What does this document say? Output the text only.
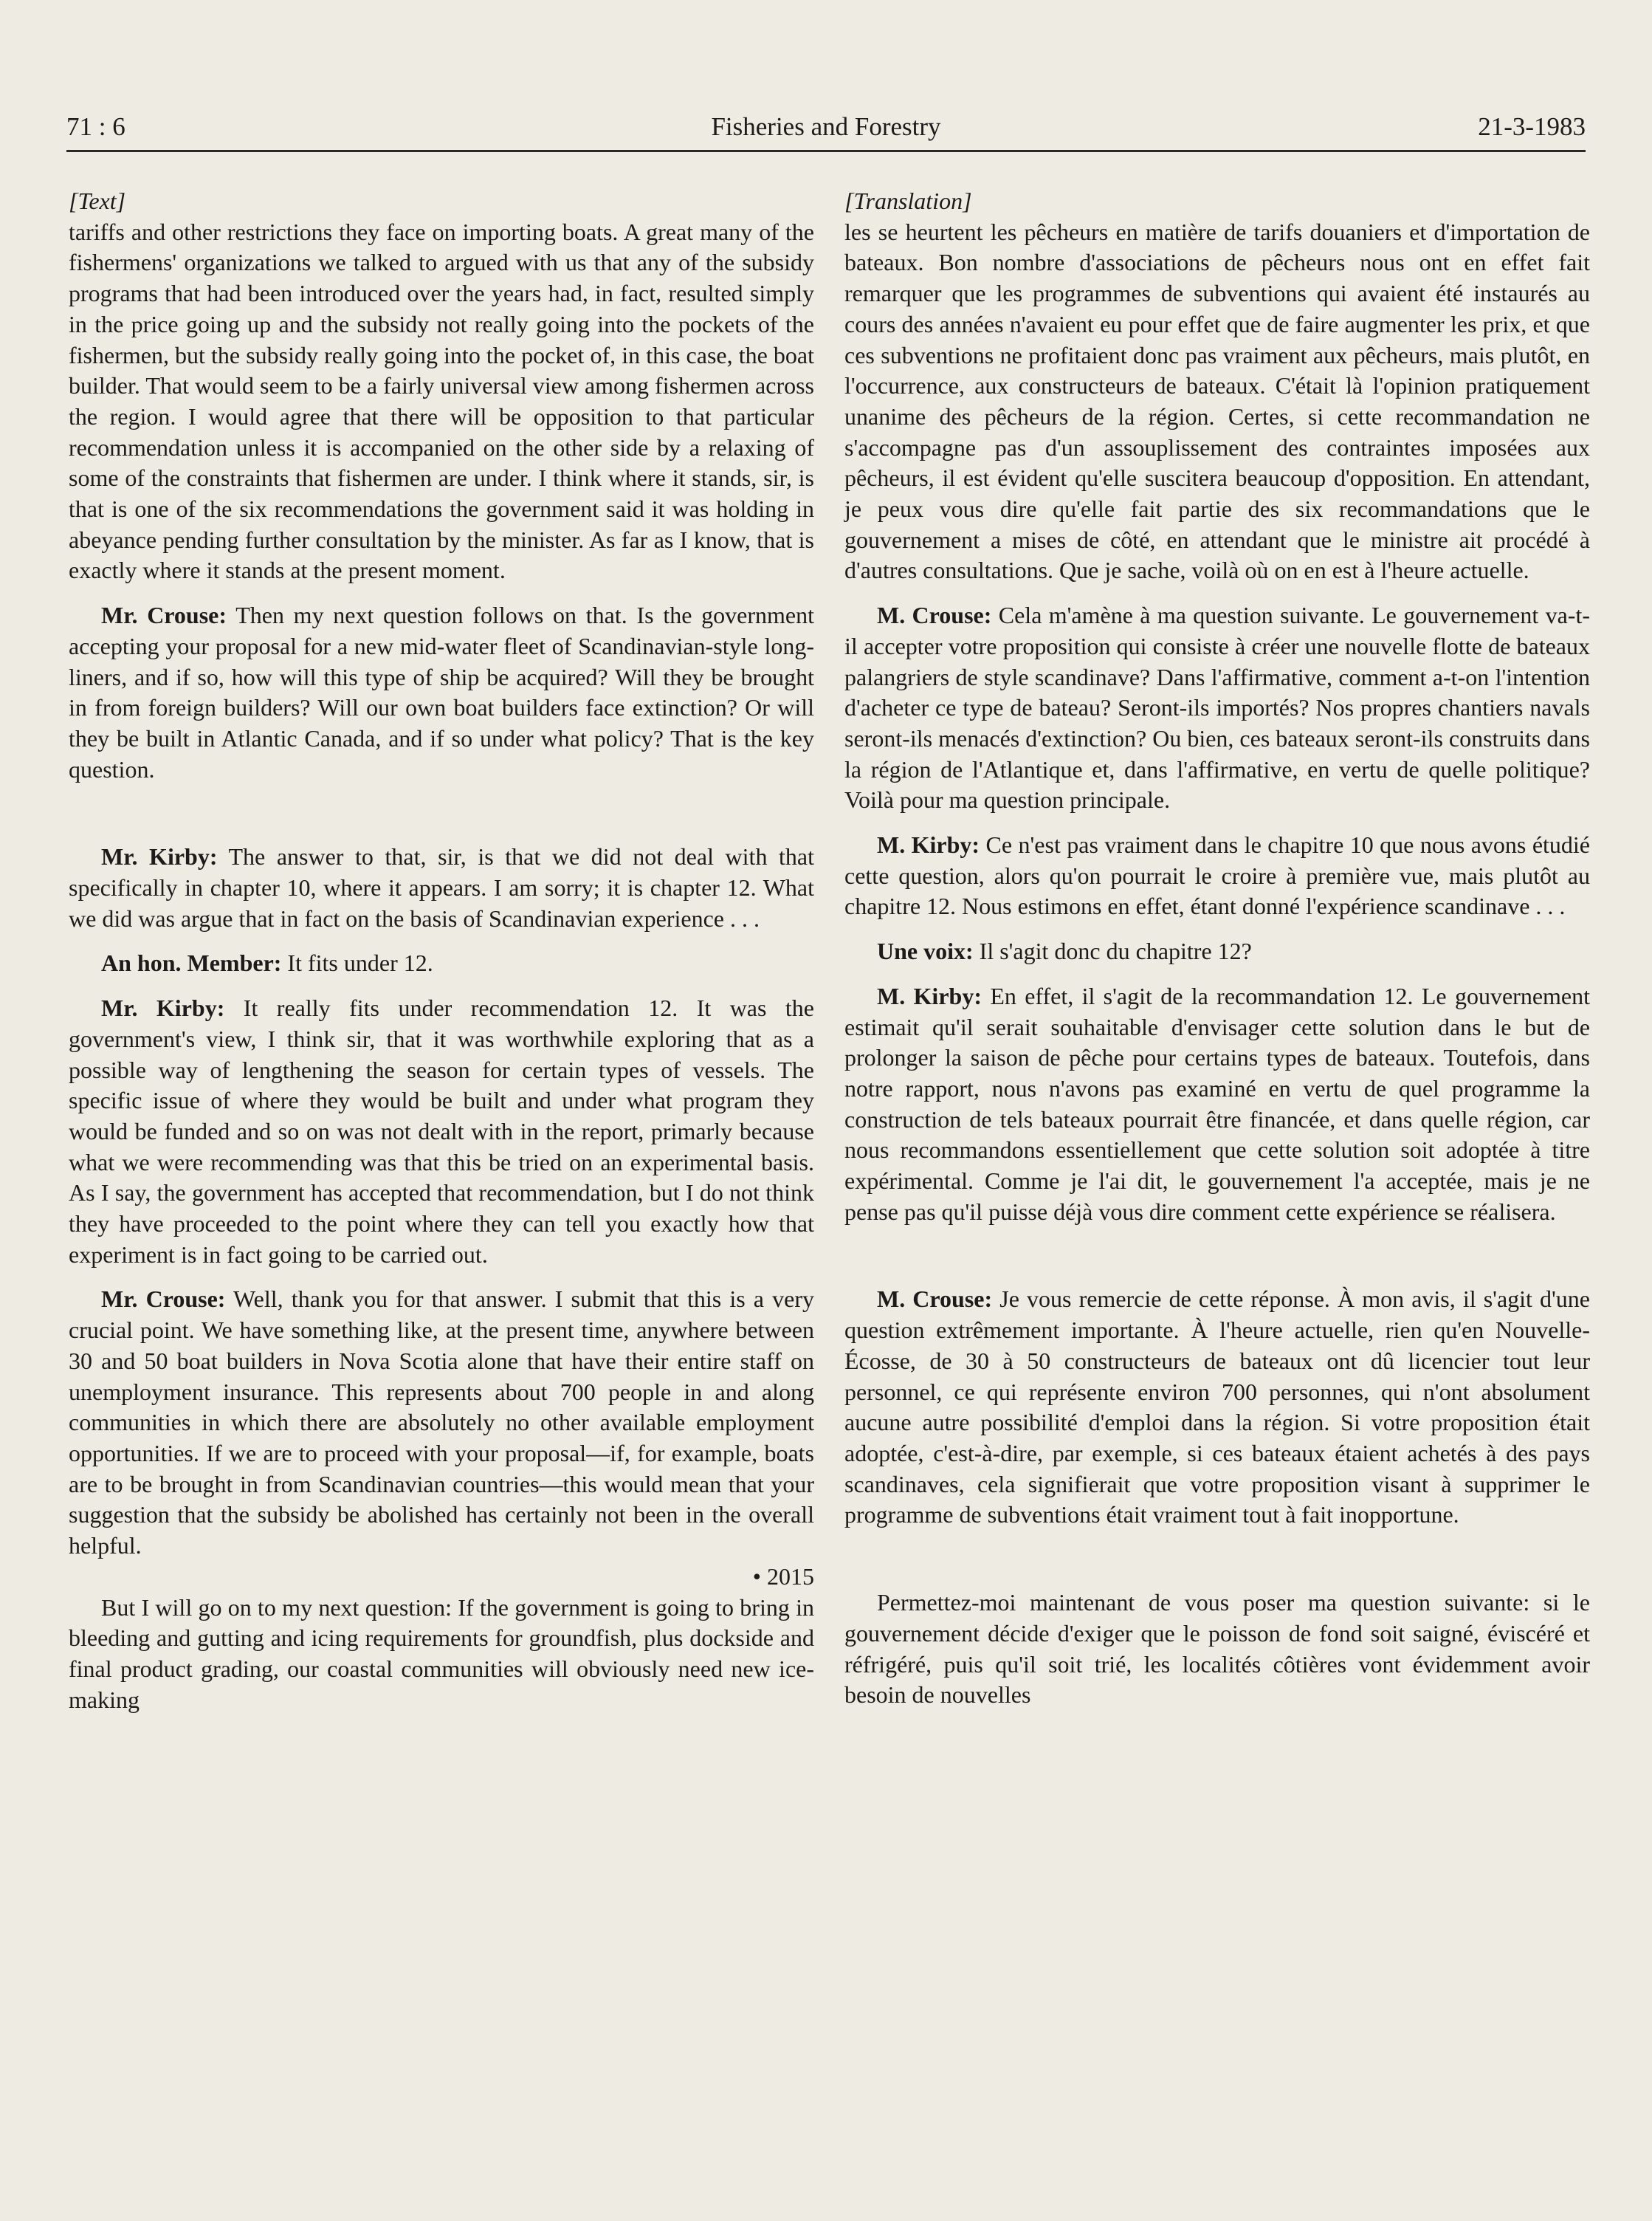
71 : 6	Fisheries and Forestry	21-3-1983

[Text]

tariffs and other restrictions they face on importing boats. A great many of the fishermens' organizations we talked to argued with us that any of the subsidy programs that had been introduced over the years had, in fact, resulted simply in the price going up and the subsidy not really going into the pockets of the fishermen, but the subsidy really going into the pocket of, in this case, the boat builder. That would seem to be a fairly universal view among fishermen across the region. I would agree that there will be opposition to that particular recommendation unless it is accompanied on the other side by a relaxing of some of the constraints that fishermen are under. I think where it stands, sir, is that is one of the six recommendations the government said it was holding in abeyance pending further consultation by the minister. As far as I know, that is exactly where it stands at the present moment.

Mr. Crouse: Then my next question follows on that. Is the government accepting your proposal for a new mid-water fleet of Scandinavian-style long-liners, and if so, how will this type of ship be acquired? Will they be brought in from foreign builders? Will our own boat builders face extinction? Or will they be built in Atlantic Canada, and if so under what policy? That is the key question.

Mr. Kirby: The answer to that, sir, is that we did not deal with that specifically in chapter 10, where it appears. I am sorry; it is chapter 12. What we did was argue that in fact on the basis of Scandinavian experience . . .

An hon. Member: It fits under 12.

Mr. Kirby: It really fits under recommendation 12. It was the government's view, I think sir, that it was worthwhile exploring that as a possible way of lengthening the season for certain types of vessels. The specific issue of where they would be built and under what program they would be funded and so on was not dealt with in the report, primarly because what we were recommending was that this be tried on an experimental basis. As I say, the government has accepted that recommendation, but I do not think they have proceeded to the point where they can tell you exactly how that experiment is in fact going to be carried out.

Mr. Crouse: Well, thank you for that answer. I submit that this is a very crucial point. We have something like, at the present time, anywhere between 30 and 50 boat builders in Nova Scotia alone that have their entire staff on unemployment insurance. This represents about 700 people in and along communities in which there are absolutely no other available employment opportunities. If we are to proceed with your proposal—if, for example, boats are to be brought in from Scandinavian countries—this would mean that your suggestion that the subsidy be abolished has certainly not been in the overall helpful.

• 2015

But I will go on to my next question: If the government is going to bring in bleeding and gutting and icing requirements for groundfish, plus dockside and final product grading, our coastal communities will obviously need new ice-making

[Translation]

les se heurtent les pêcheurs en matière de tarifs douaniers et d'importation de bateaux. Bon nombre d'associations de pêcheurs nous ont en effet fait remarquer que les programmes de subventions qui avaient été instaurés au cours des années n'avaient eu pour effet que de faire augmenter les prix, et que ces subventions ne profitaient donc pas vraiment aux pêcheurs, mais plutôt, en l'occurrence, aux constructeurs de bateaux. C'était là l'opinion pratiquement unanime des pêcheurs de la région. Certes, si cette recommandation ne s'accompagne pas d'un assouplissement des contraintes imposées aux pêcheurs, il est évident qu'elle suscitera beaucoup d'opposition. En attendant, je peux vous dire qu'elle fait partie des six recommandations que le gouvernement a mises de côté, en attendant que le ministre ait procédé à d'autres consultations. Que je sache, voilà où on en est à l'heure actuelle.

M. Crouse: Cela m'amène à ma question suivante. Le gouvernement va-t-il accepter votre proposition qui consiste à créer une nouvelle flotte de bateaux palangriers de style scandinave? Dans l'affirmative, comment a-t-on l'intention d'acheter ce type de bateau? Seront-ils importés? Nos propres chantiers navals seront-ils menacés d'extinction? Ou bien, ces bateaux seront-ils construits dans la région de l'Atlantique et, dans l'affirmative, en vertu de quelle politique? Voilà pour ma question principale.

M. Kirby: Ce n'est pas vraiment dans le chapitre 10 que nous avons étudié cette question, alors qu'on pourrait le croire à première vue, mais plutôt au chapitre 12. Nous estimons en effet, étant donné l'expérience scandinave . . .

Une voix: Il s'agit donc du chapitre 12?

M. Kirby: En effet, il s'agit de la recommandation 12. Le gouvernement estimait qu'il serait souhaitable d'envisager cette solution dans le but de prolonger la saison de pêche pour certains types de bateaux. Toutefois, dans notre rapport, nous n'avons pas examiné en vertu de quel programme la construction de tels bateaux pourrait être financée, et dans quelle région, car nous recommandons essentiellement que cette solution soit adoptée à titre expérimental. Comme je l'ai dit, le gouvernement l'a acceptée, mais je ne pense pas qu'il puisse déjà vous dire comment cette expérience se réalisera.

M. Crouse: Je vous remercie de cette réponse. À mon avis, il s'agit d'une question extrêmement importante. À l'heure actuelle, rien qu'en Nouvelle-Écosse, de 30 à 50 constructeurs de bateaux ont dû licencier tout leur personnel, ce qui représente environ 700 personnes, qui n'ont absolument aucune autre possibilité d'emploi dans la région. Si votre proposition était adoptée, c'est-à-dire, par exemple, si ces bateaux étaient achetés à des pays scandinaves, cela signifierait que votre proposition visant à supprimer le programme de subventions était vraiment tout à fait inopportune.

Permettez-moi maintenant de vous poser ma question suivante: si le gouvernement décide d'exiger que le poisson de fond soit saigné, éviscéré et réfrigéré, puis qu'il soit trié, les localités côtières vont évidemment avoir besoin de nouvelles
